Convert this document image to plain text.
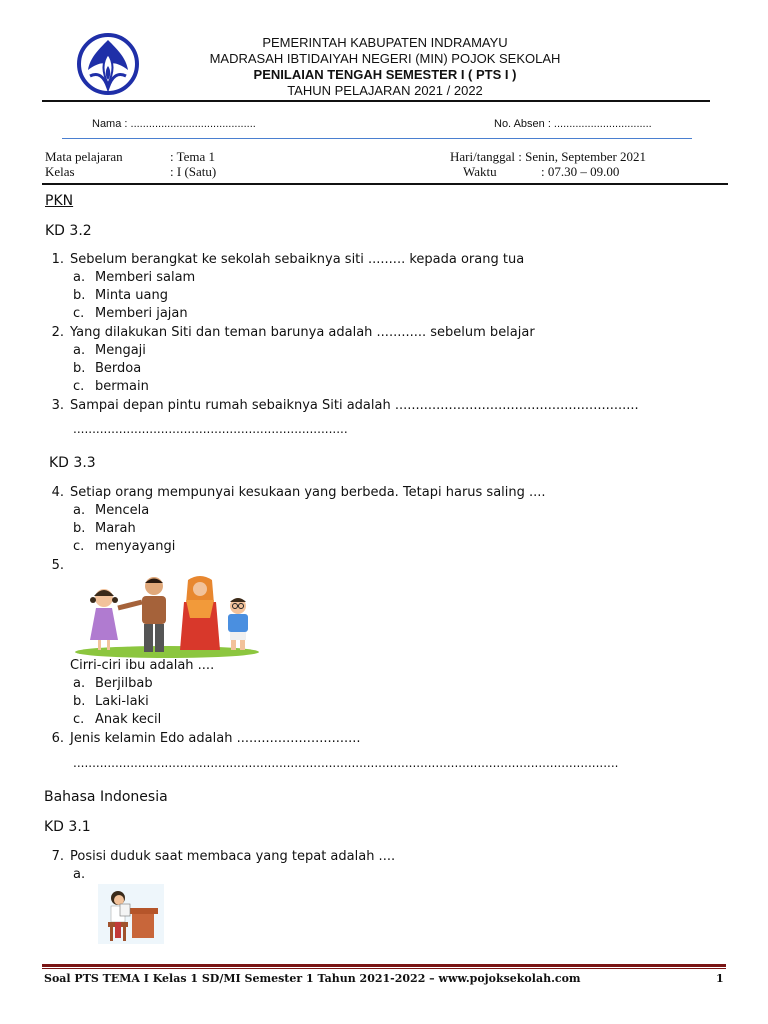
PEMERINTAH KABUPATEN INDRAMAYU
MADRASAH IBTIDAIYAH NEGERI (MIN) POJOK SEKOLAH
PENILAIAN TENGAH SEMESTER I ( PTS I )
TAHUN PELAJARAN 2021 / 2022
Nama : .........................................	No. Absen : ................................
Mata pelajaran	: Tema 1
Kelas	: I (Satu)
Hari/tanggal : Senin, September 2021
Waktu	: 07.30 – 09.00
PKN
KD 3.2
1. Sebelum berangkat ke sekolah sebaiknya siti ......... kepada orang tua
a. Memberi salam
b. Minta uang
c. Memberi jajan
2. Yang dilakukan Siti dan teman barunya adalah ............ sebelum belajar
a. Mengaji
b. Berdoa
c. bermain
3. Sampai depan pintu rumah sebaiknya Siti adalah ...........................................................
........................................................................
KD 3.3
4. Setiap orang mempunyai kesukaan yang berbeda. Tetapi harus saling ....
a. Mencela
b. Marah
c. menyayangi
5.
Cirri-ciri ibu adalah ....
a. Berjilbab
b. Laki-laki
c. Anak kecil
6. Jenis kelamin Edo adalah ..............................
...............................................................................................................................................
Bahasa Indonesia
KD 3.1
7. Posisi duduk saat membaca yang tepat adalah ....
a.
Soal PTS TEMA I Kelas 1 SD/MI Semester 1 Tahun 2021-2022 – www.pojoksekolah.com	1
